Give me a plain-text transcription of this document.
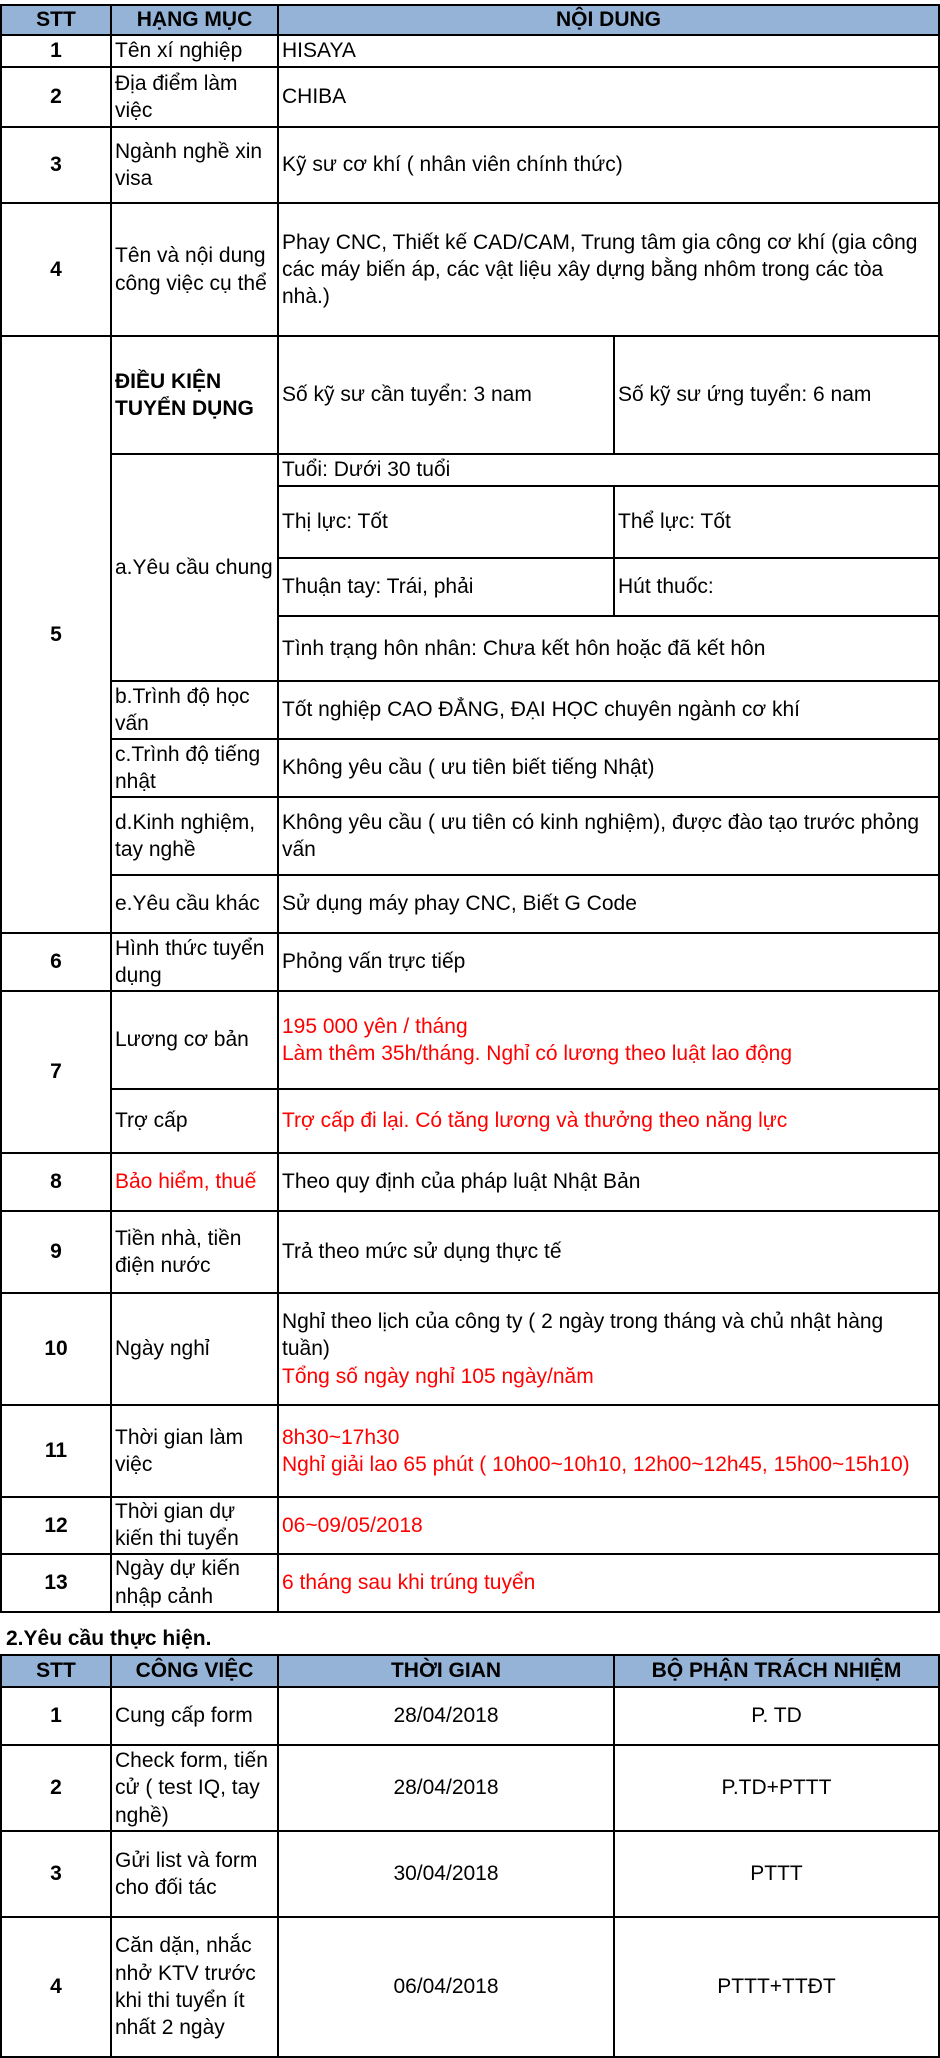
STT	HẠNG MỤC	NỘI DUNG	
1	Tên xí nghiệp	HISAYA	
2	Địa điểm làm việc	CHIBA	
3	Ngành nghề xin visa	Kỹ sư cơ khí ( nhân viên chính thức)	
4	Tên và nội dung công việc cụ thể	Phay CNC, Thiết kế CAD/CAM, Trung tâm gia công cơ khí (gia công các máy biến áp, các vật liệu xây dựng bằng nhôm trong các tòa nhà.)	
5	ĐIỀU KIỆN TUYỂN DỤNG	Số kỹ sư cần tuyển: 3 nam	Số kỹ sư ứng tuyển: 6 nam
	a.Yêu cầu chung	Tuổi: Dưới 30 tuổi	
		Thị lực: Tốt	Thể lực: Tốt
		Thuận tay: Trái, phải	Hút thuốc:
		Tình trạng hôn nhân: Chưa kết hôn hoặc đã kết hôn	
	b.Trình độ học vấn	Tốt nghiệp CAO ĐẲNG, ĐẠI HỌC chuyên ngành cơ khí	
	c.Trình độ tiếng nhật	Không yêu cầu ( ưu tiên biết tiếng Nhật)	
	d.Kinh nghiệm, tay nghề	Không yêu cầu ( ưu tiên có kinh nghiệm), được đào tạo trước phỏng vấn	
	e.Yêu cầu khác	Sử dụng máy phay CNC, Biết G Code	
6	Hình thức tuyển dụng	Phỏng vấn trực tiếp	
7	Lương cơ bản	195 000 yên / tháng
Làm thêm 35h/tháng. Nghỉ có lương theo luật lao động	

	Trợ cấp	Trợ cấp đi lại. Có tăng lương và thưởng theo năng lực	
8	Bảo hiểm, thuế	Theo quy định của pháp luật Nhật Bản	
9	Tiền nhà, tiền điện nước	Trả theo mức sử dụng thực tế	
10	Ngày nghỉ	Nghỉ theo lịch của công ty ( 2 ngày trong tháng và chủ nhật hàng tuần)
Tổng số ngày nghỉ 105 ngày/năm	

11	Thời gian làm việc	8h30~17h30
Nghỉ giải lao 65 phút ( 10h00~10h10, 12h00~12h45, 15h00~15h10)	

12	Thời gian dự kiến thi tuyển	06~09/05/2018	
13	Ngày dự kiến nhập cảnh	6 tháng sau khi trúng tuyển	
2.Yêu cầu thực hiện.
STT	CÔNG VIỆC	THỜI GIAN	BỘ PHẬN TRÁCH NHIỆM
1	Cung cấp form	28/04/2018	P. TD
2	Check form, tiến cử ( test IQ, tay nghề)	28/04/2018	P.TD+PTTT
3	Gửi list và form cho đối tác	30/04/2018	PTTT
4	Căn dặn, nhắc nhở KTV trước khi thi tuyển ít nhất 2 ngày	06/04/2018	PTTT+TTĐT
